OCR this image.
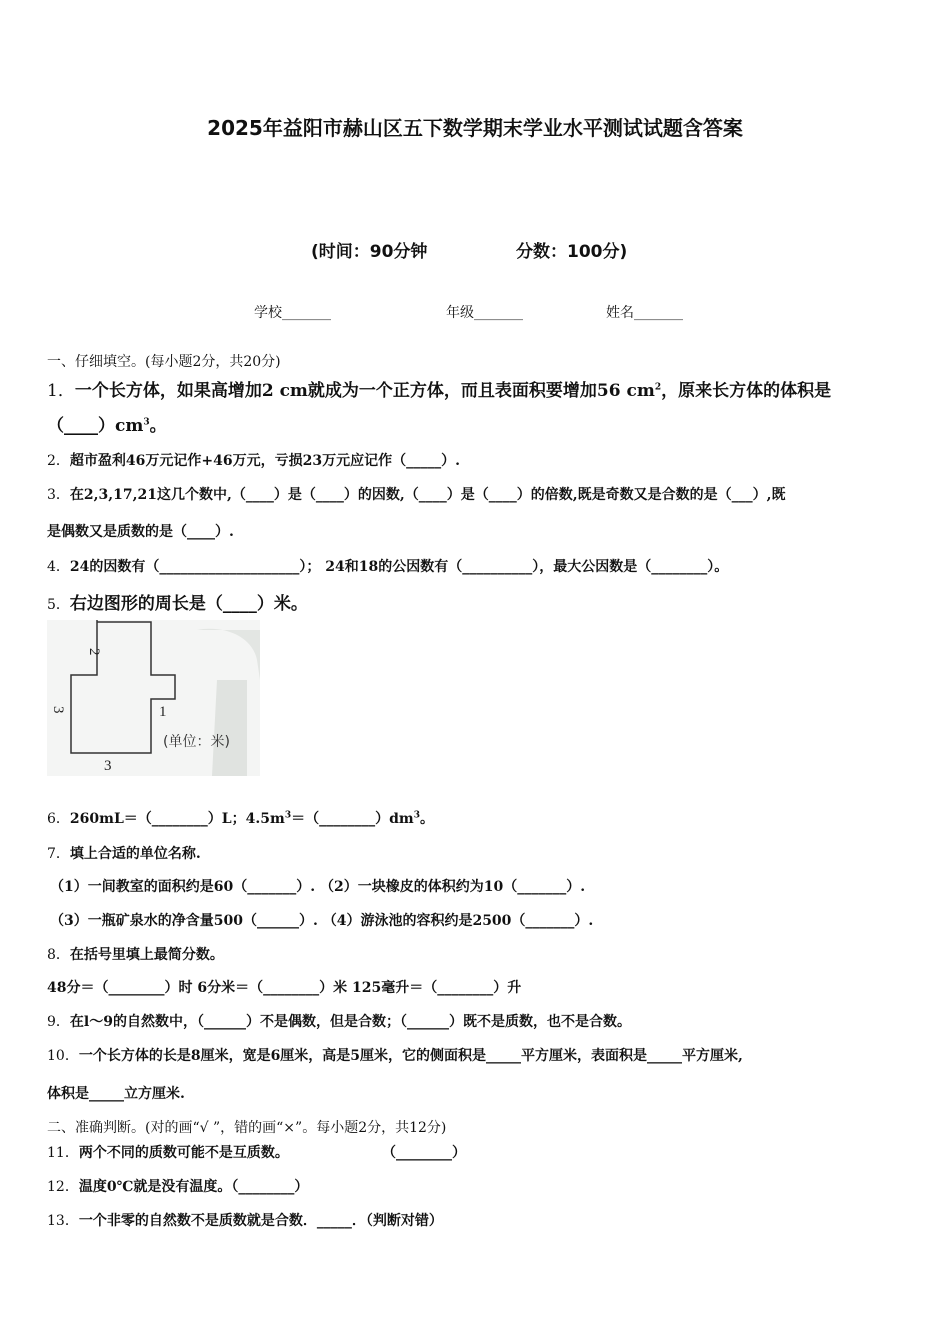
2025年益阳市赫山区五下数学期末学业水平测试试题含答案
(时间：90分钟	分数：100分)
学校_______	年级_______	姓名_______
一、仔细填空。(每小题2分，共20分)
1．一个长方体，如果高增加2 cm就成为一个正方体，而且表面积要增加56 $cm^2$，原来长方体的体积是
$(\_\_\_\_)cm^3$。
2．超市盈利46万元记作+46万元，亏损23万元应记作（_____）.
3．在2,3,17,21这几个数中,（____）是（____）的因数,（____）是（____）的倍数,既是奇数又是合数的是（___）,既
是偶数又是质数的是（____）.
4．24的因数有（____________________）； 24和18的公因数有（__________），最大公因数是（________）。
5．右边图形的周长是（____）米。
2
3	1
3
(单位：米)
6．260mL＝（________）L；$4.5m^3=(\_\_\_\_\_\_\_\_)dm^3$。
7．填上合适的单位名称.
（1）一间教室的面积约是60（_______）. （2）一块橡皮的体积约为10（_______）.
（3）一瓶矿泉水的净含量500（______）. （4）游泳池的容积约是2500（_______）.
8．在括号里填上最简分数。
48分＝（________）时 6分米＝（________）米 125毫升＝（________）升
9．在l～9的自然数中，（______）不是偶数，但是合数；（______）既不是质数，也不是合数。
10．一个长方体的长是8厘米，宽是6厘米，高是5厘米，它的侧面积是_____平方厘米，表面积是_____平方厘米,
体积是_____立方厘米.
二、准确判断。(对的画“√ ”，错的画“×”。每小题2分，共12分)
11．两个不同的质数可能不是互质数。	（________）
12．温度0℃就是没有温度。（________）
13．一个非零的自然数不是质数就是合数．_____．（判断对错）
